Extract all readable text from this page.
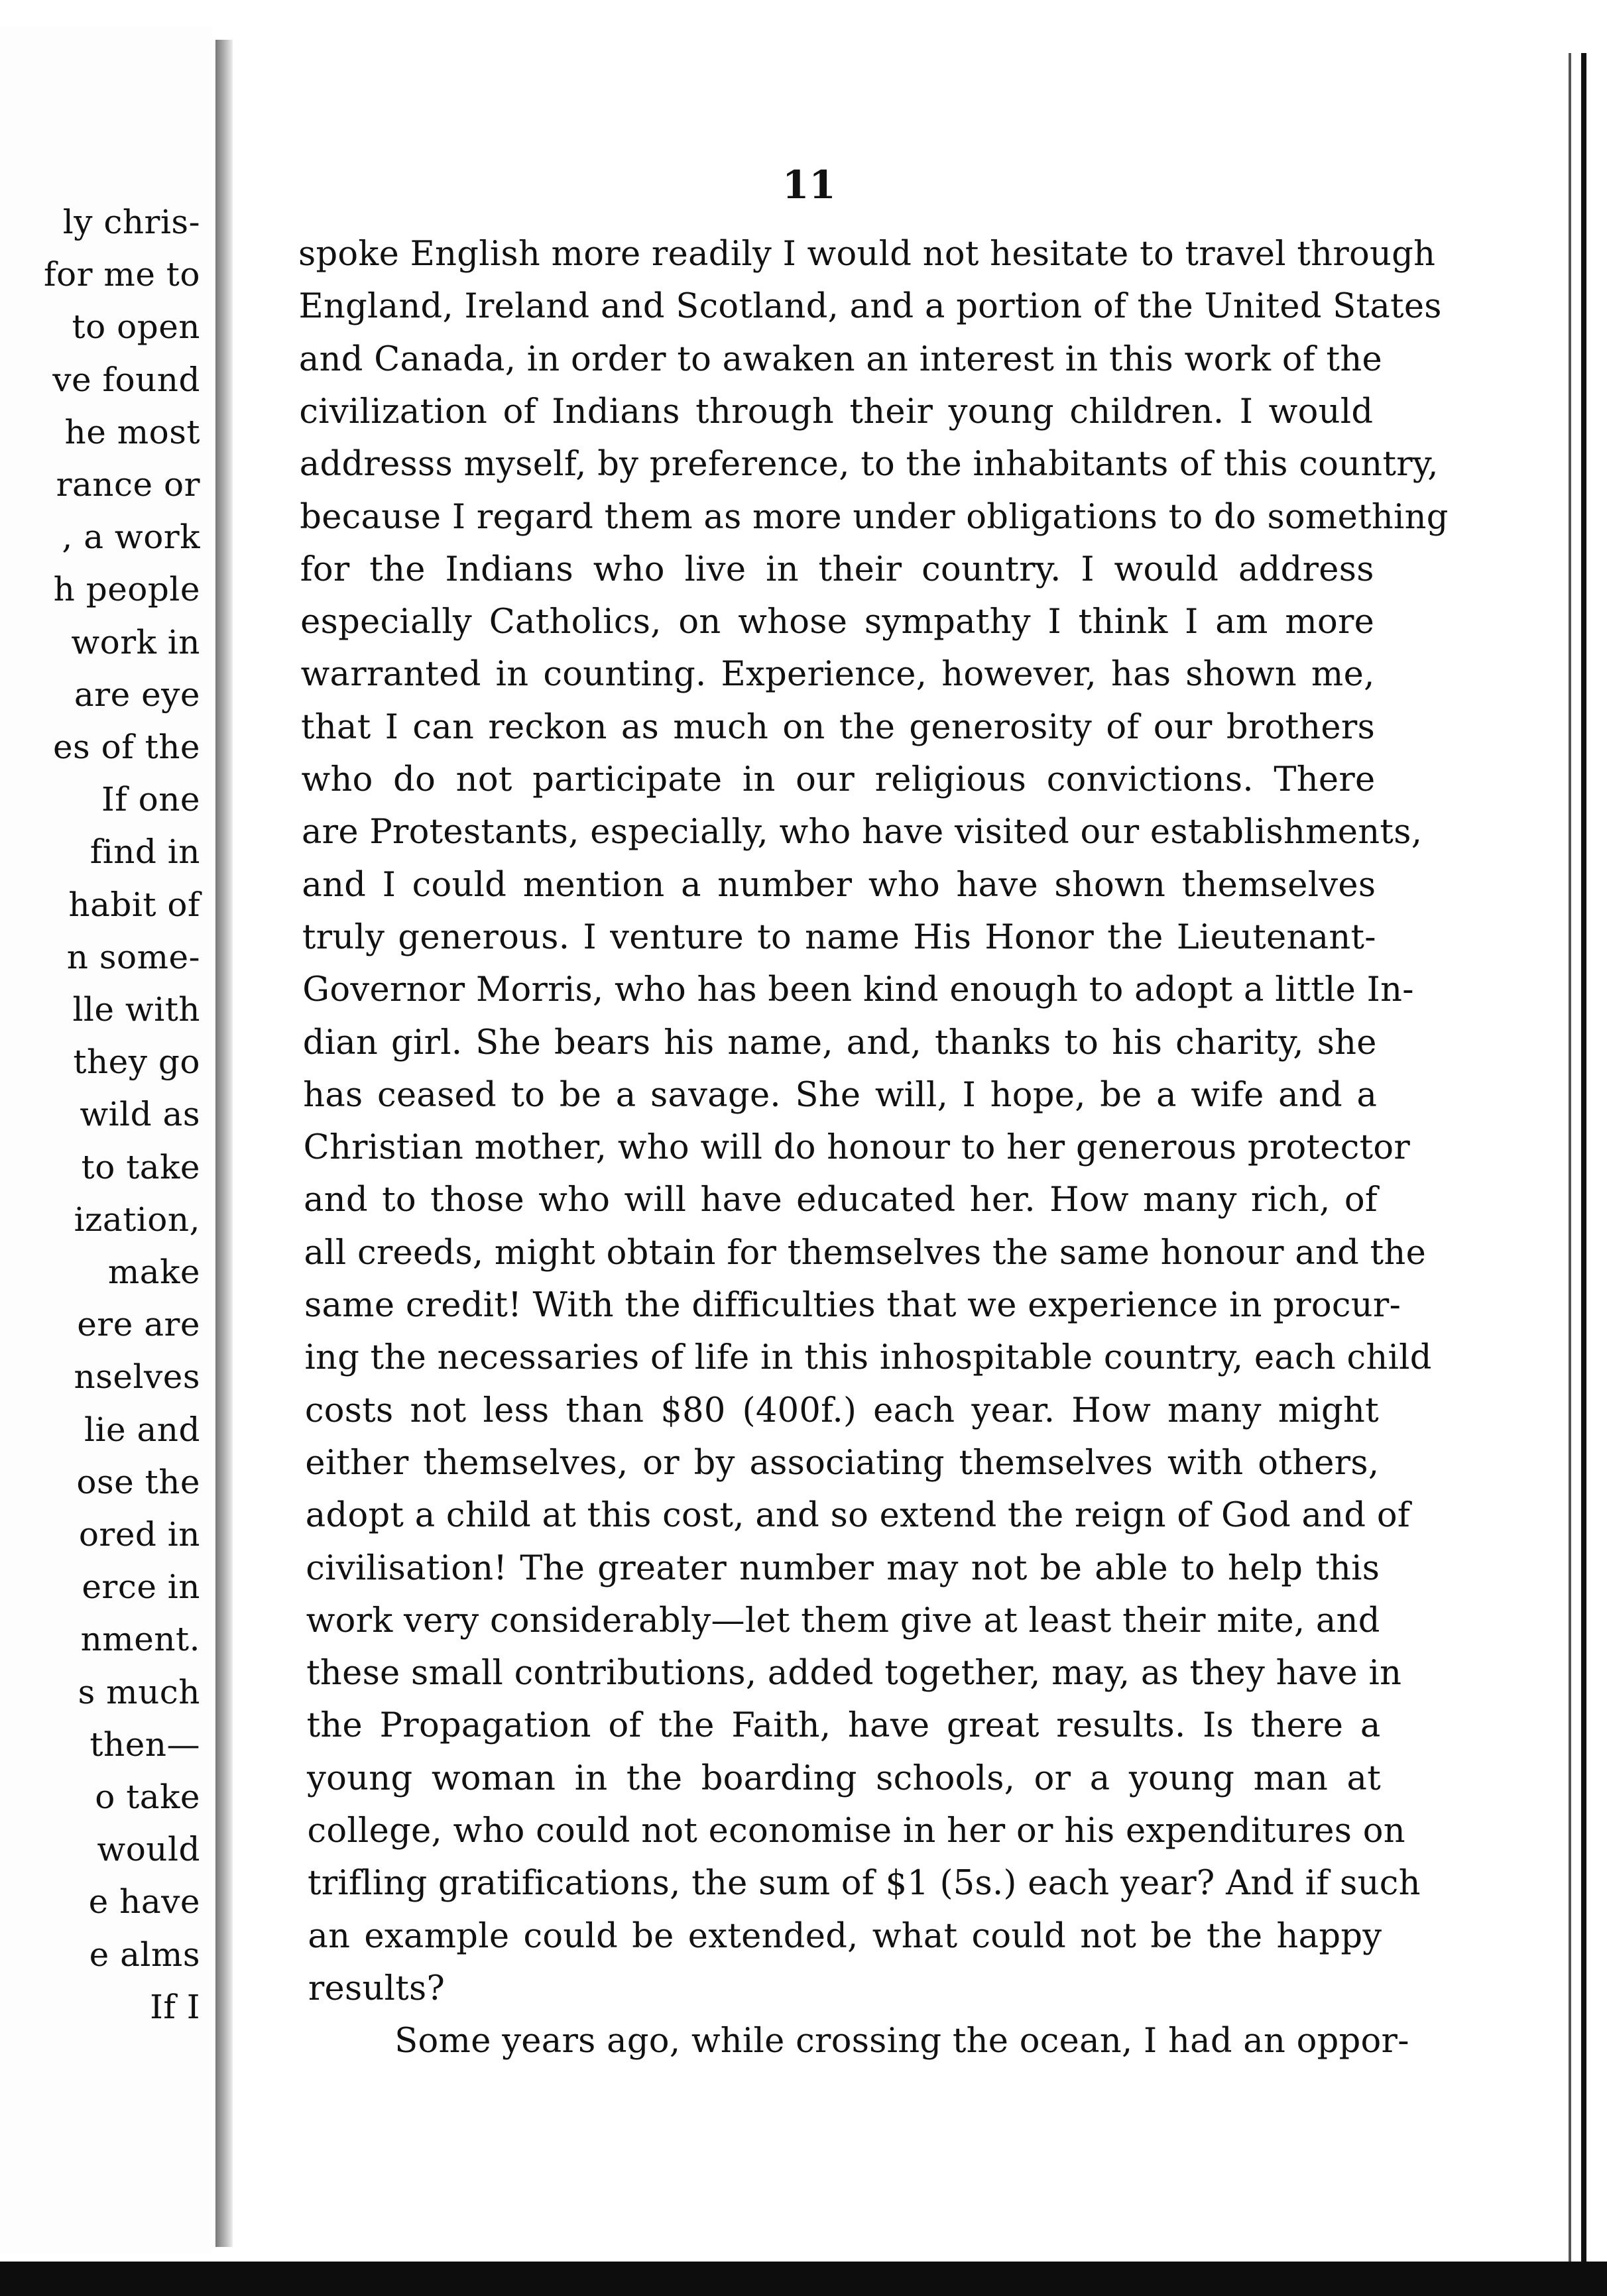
ly chris-
for me to
to open
ve found
he most
rance or
, a work
h people
work in
are eye
es of the
If one
find in
habit of
n some-
lle with
they go
wild as
to take
ization,
make
ere are
nselves
lie and
ose the
ored in
erce in
nment.
s much
then—
o take
would
e have
e alms
If I
11
spoke English more readily I would not hesitate to travel through
England, Ireland and Scotland, and a portion of the United States
and Canada, in order to awaken an interest in this work of the
civilization of Indians through their young children. I would
addresss myself, by preference, to the inhabitants of this country,
because I regard them as more under obligations to do something
for the Indians who live in their country. I would address
especially Catholics, on whose sympathy I think I am more
warranted in counting. Experience, however, has shown me,
that I can reckon as much on the generosity of our brothers
who do not participate in our religious convictions. There
are Protestants, especially, who have visited our establishments,
and I could mention a number who have shown themselves
truly generous. I venture to name His Honor the Lieutenant-
Governor Morris, who has been kind enough to adopt a little In-
dian girl. She bears his name, and, thanks to his charity, she
has ceased to be a savage. She will, I hope, be a wife and a
Christian mother, who will do honour to her generous protector
and to those who will have educated her. How many rich, of
all creeds, might obtain for themselves the same honour and the
same credit! With the difficulties that we experience in procur-
ing the necessaries of life in this inhospitable country, each child
costs not less than $80 (400f.) each year. How many might
either themselves, or by associating themselves with others,
adopt a child at this cost, and so extend the reign of God and of
civilisation! The greater number may not be able to help this
work very considerably—let them give at least their mite, and
these small contributions, added together, may, as they have in
the Propagation of the Faith, have great results. Is there a
young woman in the boarding schools, or a young man at
college, who could not economise in her or his expenditures on
trifling gratifications, the sum of $1 (5s.) each year? And if such
an example could be extended, what could not be the happy
results?
Some years ago, while crossing the ocean, I had an oppor-
